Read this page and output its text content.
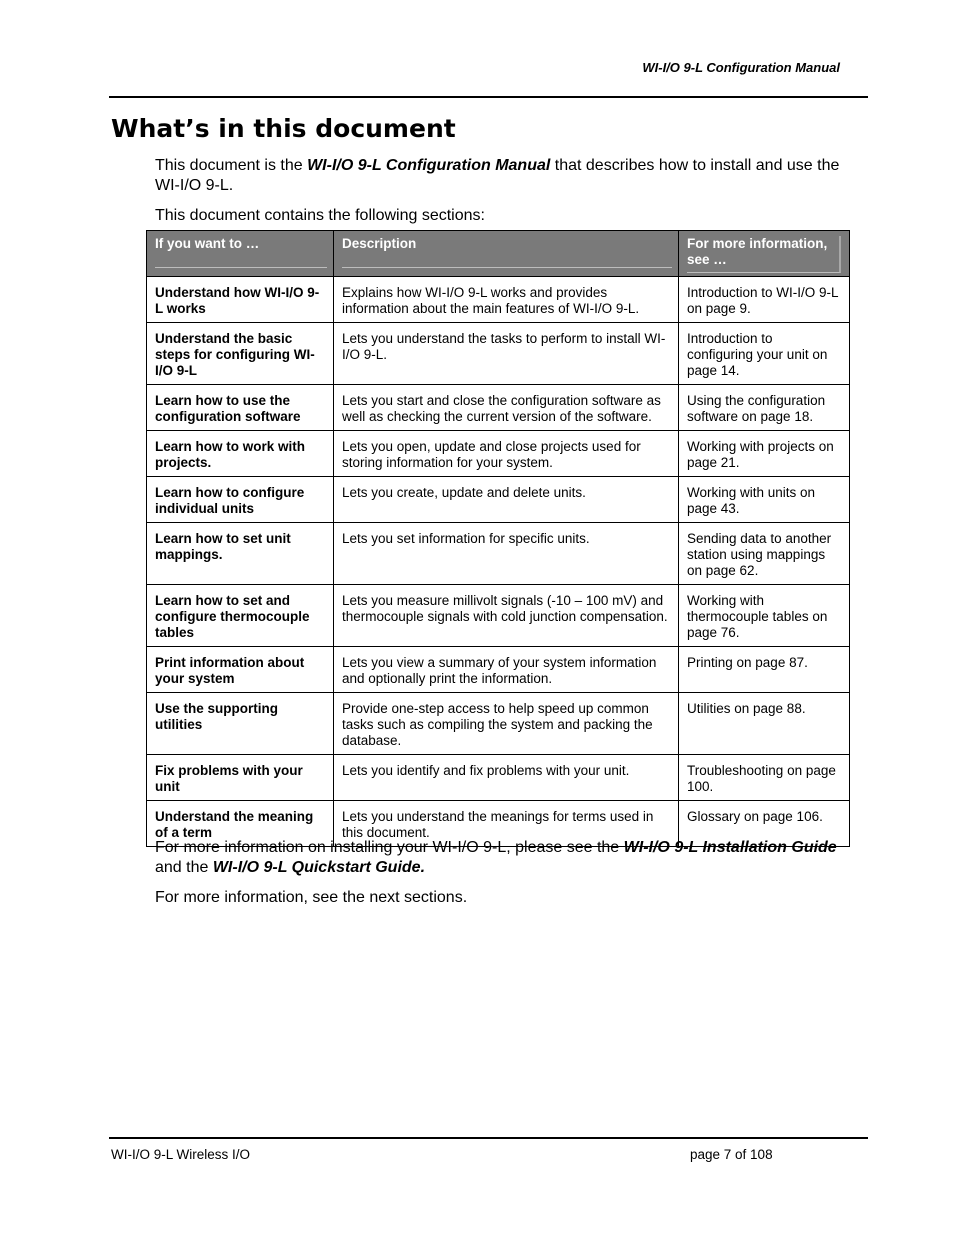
WI-I/O 9-L Configuration Manual
What’s in this document

This document is the WI-I/O 9-L Configuration Manual that describes how to install and use the WI-I/O 9-L.

This document contains the following sections:

If you want to …	Description	For more information, see …

Understand how WI-I/O 9-L works	Explains how WI-I/O 9-L works and provides information about the main features of WI-I/O 9-L.	Introduction to WI-I/O 9-L on page 9.
Understand the basic steps for configuring WI-I/O 9-L	Lets you understand the tasks to perform to install WI-I/O 9-L.	Introduction to configuring your unit on page 14.
Learn how to use the configuration software	Lets you start and close the configuration software as well as checking the current version of the software.	Using the configuration software on page 18.
Learn how to work with projects.	Lets you open, update and close projects used for storing information for your system.	Working with projects on page 21.
Learn how to configure individual units	Lets you create, update and delete units.	Working with units on page 43.
Learn how to set unit mappings.	Lets you set information for specific units.	Sending data to another station using mappings on page 62.
Learn how to set and configure thermocouple tables	Lets you measure millivolt signals (-10 – 100 mV) and thermocouple signals with cold junction compensation.	Working with thermocouple tables on page 76.
Print information about your system	Lets you view a summary of your system information and optionally print the information.	Printing on page 87.
Use the supporting utilities	Provide one-step access to help speed up common tasks such as compiling the system and packing the database.	Utilities on page 88.
Fix problems with your unit	Lets you identify and fix problems with your unit.	Troubleshooting on page 100.
Understand the meaning of a term	Lets you understand the meanings for terms used in this document.	Glossary on page 106.

For more information on installing your WI-I/O 9-L, please see the WI-I/O 9-L Installation Guide and the WI-I/O 9-L Quickstart Guide.

For more information, see the next sections.

WI-I/O 9-L Wireless I/O	page 7 of 108
